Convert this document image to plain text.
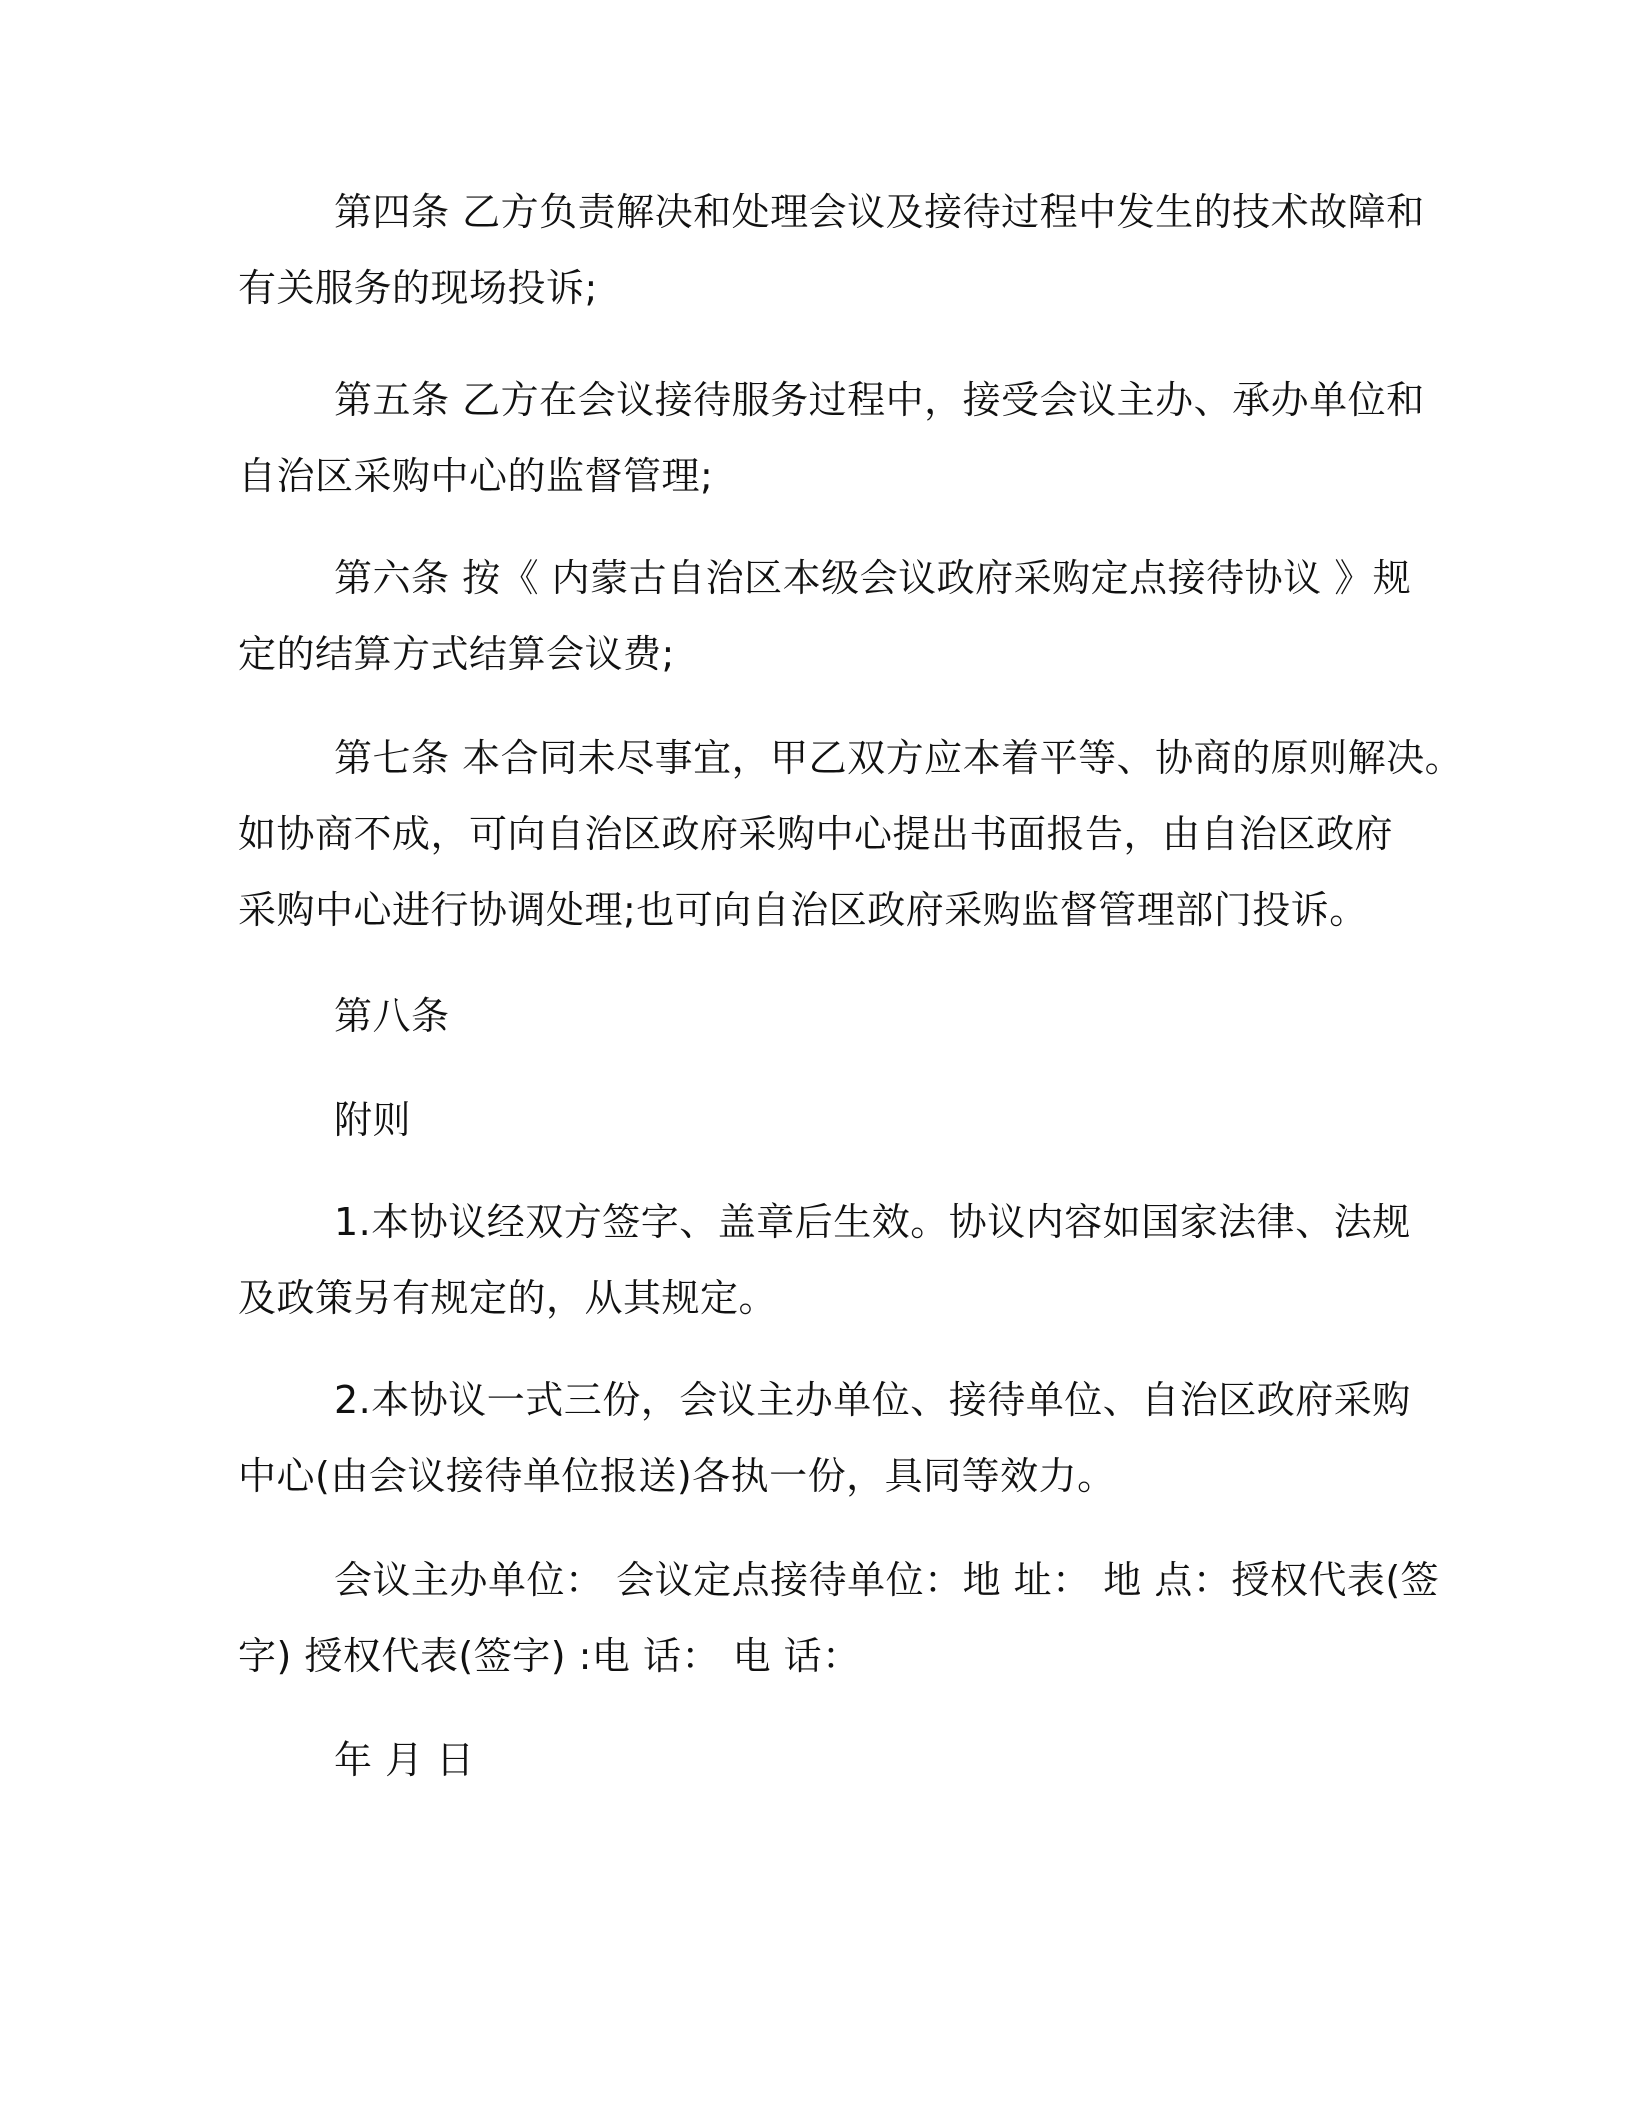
第四条 乙方负责解决和处理会议及接待过程中发生的技术故障和
有关服务的现场投诉;
第五条 乙方在会议接待服务过程中，接受会议主办、承办单位和
自治区采购中心的监督管理;
第六条 按《 内蒙古自治区本级会议政府采购定点接待协议 》规
定的结算方式结算会议费;
第七条 本合同未尽事宜，甲乙双方应本着平等、协商的原则解决。
如协商不成，可向自治区政府采购中心提出书面报告，由自治区政府
采购中心进行协调处理;也可向自治区政府采购监督管理部门投诉。
第八条
附则
1.本协议经双方签字、盖章后生效。协议内容如国家法律、法规
及政策另有规定的，从其规定。
2.本协议一式三份，会议主办单位、接待单位、自治区政府采购
中心(由会议接待单位报送)各执一份，具同等效力。
会议主办单位： 会议定点接待单位：地 址： 地 点：授权代表(签
字) 授权代表(签字) :电 话： 电 话：
年 月 日
